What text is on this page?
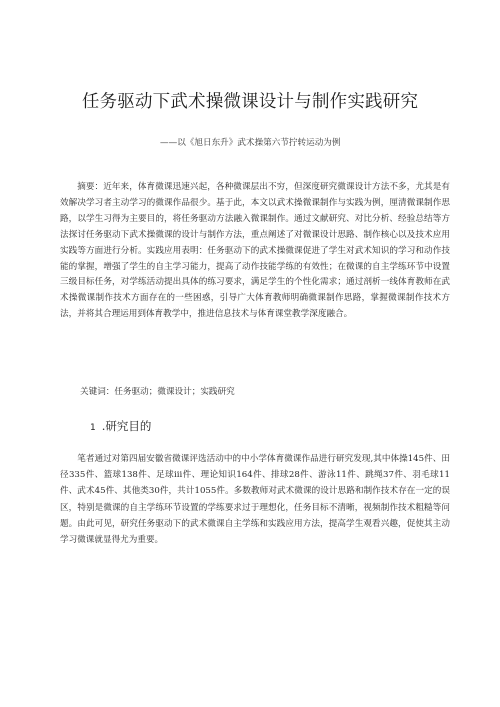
任务驱动下武术操微课设计与制作实践研究
——以《旭日东升》武术操第六节拧转运动为例

摘要：近年来，体育微课迅速兴起，各种微课层出不穷，但深度研究微课设计方法不多，尤其是有效解决学习者主动学习的微课作品很少。基于此，本文以武术操微课制作与实践为例，厘清微课制作思路，以学生习得为主要目的，将任务驱动方法融入微课制作。通过文献研究、对比分析、经验总结等方法探讨任务驱动下武术操微课的设计与制作方法，重点阐述了对微课设计思路、制作核心以及技术应用实践等方面进行分析。实践应用表明：任务驱动下的武术操微课促进了学生对武术知识的学习和动作技能的掌握，增强了学生的自主学习能力，提高了动作技能学练的有效性；在微课的自主学练环节中设置三级目标任务，对学练活动提出具体的练习要求，满足学生的个性化需求；通过剖析一线体育教师在武术操微课制作技术方面存在的一些困惑，引导广大体育教师明确微课制作思路，掌握微课制作技术方法，并将其合理运用到体育教学中，推进信息技术与体育课堂教学深度融合。

关键词：任务驱动；微课设计；实践研究
1 .研究目的

笔者通过对第四届安徽省微课评选活动中的中小学体育微课作品进行研究发现,其中体操145件、田径335件、篮球138件、足球ⅲ件、理论知识164件、排球28件、游泳11件、跳绳37件、羽毛球11件、武术45件、其他类30件，共计1055件。多数教师对武术微课的设计思路和制作技术存在一定的误区，特别是微课的自主学练环节设置的学练要求过于理想化，任务目标不清晰，视频制作技术粗糙等问题。由此可见，研究任务驱动下的武术微课自主学练和实践应用方法，提高学生观看兴趣，促使其主动学习微课就显得尤为重要。
